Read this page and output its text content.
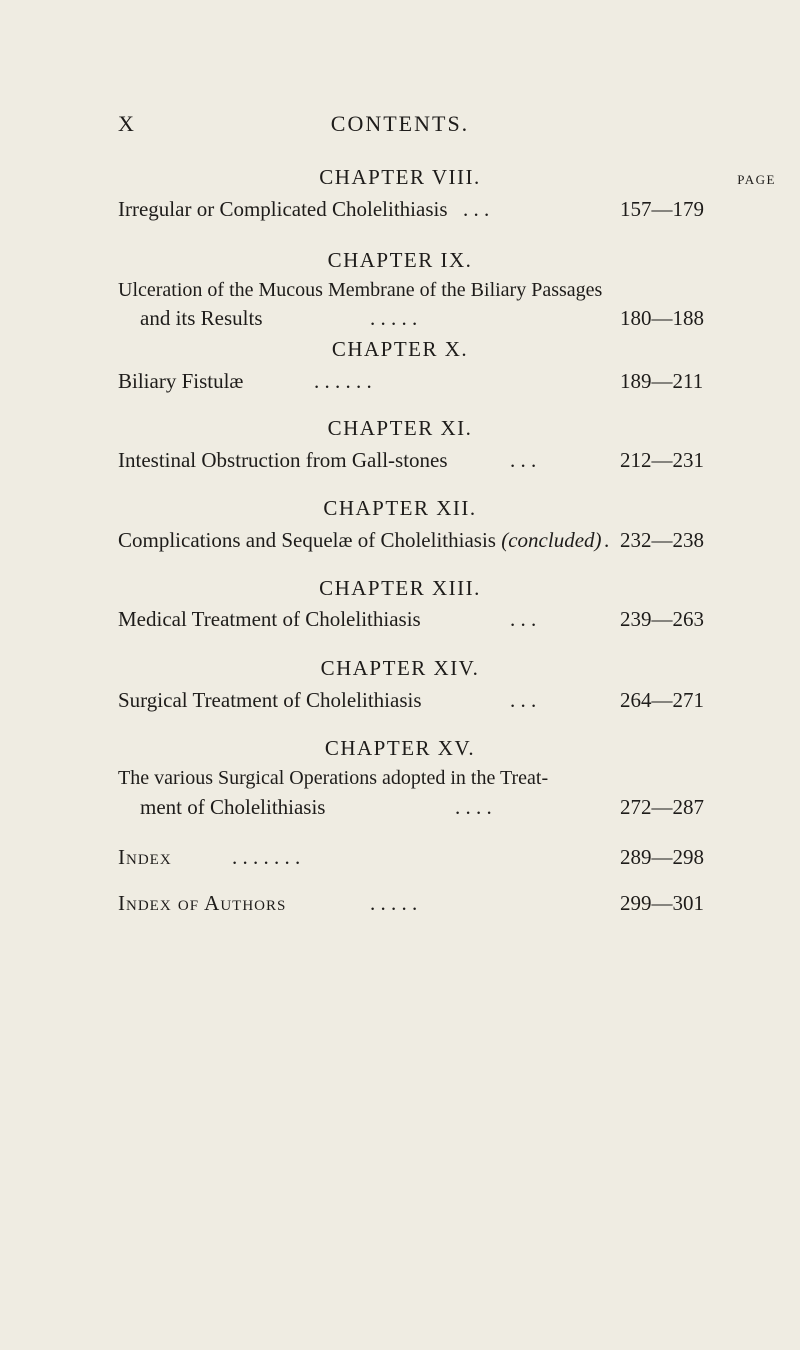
X	CONTENTS.
PAGE
CHAPTER VIII.
Irregular or Complicated Cholelithiasis . . .	157—179
CHAPTER IX.
Ulceration of the Mucous Membrane of the Biliary Passages
and its Results	. . . . .	180—188
CHAPTER X.
Biliary Fistulæ	. . . . . .	189—211
CHAPTER XI.
Intestinal Obstruction from Gall-stones	. . .	212—231
CHAPTER XII.
Complications and Sequelæ of Cholelithiasis (concluded) . 232—238
CHAPTER XIII.
Medical Treatment of Cholelithiasis	. . .	239—263
CHAPTER XIV.
Surgical Treatment of Cholelithiasis	. . .	264—271
CHAPTER XV.
The various Surgical Operations adopted in the Treat-
ment of Cholelithiasis	. . . .	272—287
Index	. . . . . . .	289—298
Index of Authors	. . . . .	299—301
